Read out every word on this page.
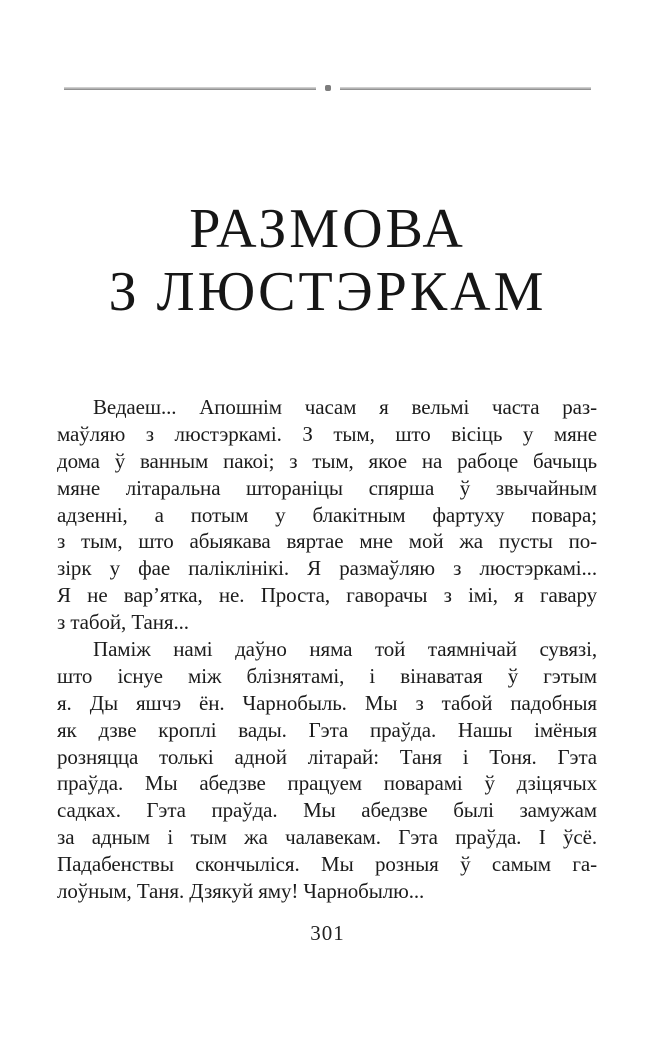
РАЗМОВА
З ЛЮСТЭРКАМ
Ведаеш... Апошнім часам я вельмі часта раз-
маўляю з люстэркамі. З тым, што вісіць у мяне
дома ў ванным пакоі; з тым, якое на рабоце бачыць
мяне літаральна штораніцы спярша ў звычайным
адзенні, а потым у блакітным фартуху повара;
з тым, што абыякава вяртае мне мой жа пусты по-
зірк у фае паліклінікі. Я размаўляю з люстэркамі...
Я не вар’ятка, не. Проста, гаворачы з імі, я гавару
з табой, Таня...
Паміж намі даўно няма той таямнічай сувязі,
што існуе між блізнятамі, і вінаватая ў гэтым
я. Ды яшчэ ён. Чарнобыль. Мы з табой падобныя
як дзве кроплі вады. Гэта праўда. Нашы імёныя
розняцца толькі адной літарай: Таня і Тоня. Гэта
праўда. Мы абедзве працуем поварамі ў дзіцячых
садках. Гэта праўда. Мы абедзве былі замужам
за адным і тым жа чалавекам. Гэта праўда. І ўсё.
Падабенствы скончыліся. Мы розныя ў самым га-
лоўным, Таня. Дзякуй яму! Чарнобылю...
301
